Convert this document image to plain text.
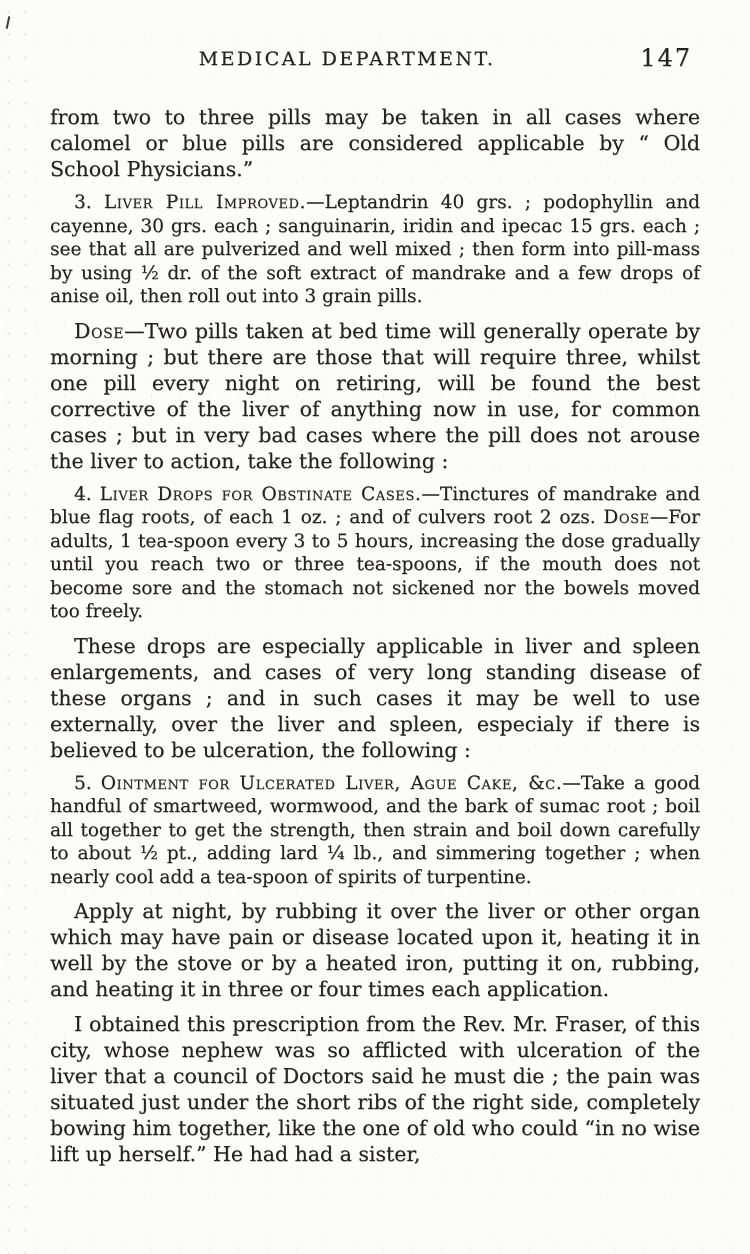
MEDICAL DEPARTMENT.	147

from two to three pills may be taken in all cases where calomel or blue pills are considered applicable by “ Old School Physicians.”

3. Liver Pill Improved.—Leptandrin 40 grs. ; podophyllin and cayenne, 30 grs. each ; sanguinarin, iridin and ipecac 15 grs. each ; see that all are pulverized and well mixed ; then form into pill-mass by using ½ dr. of the soft extract of mandrake and a few drops of anise oil, then roll out into 3 grain pills.

Dose—Two pills taken at bed time will generally operate by morning ; but there are those that will require three, whilst one pill every night on retiring, will be found the best corrective of the liver of anything now in use, for common cases ; but in very bad cases where the pill does not arouse the liver to action, take the following :

4. Liver Drops for Obstinate Cases.—Tinctures of mandrake and blue flag roots, of each 1 oz. ; and of culvers root 2 ozs. Dose—For adults, 1 tea-spoon every 3 to 5 hours, increasing the dose gradually until you reach two or three tea-spoons, if the mouth does not become sore and the stomach not sickened nor the bowels moved too freely.

These drops are especially applicable in liver and spleen enlargements, and cases of very long standing disease of these organs ; and in such cases it may be well to use externally, over the liver and spleen, especialy if there is believed to be ulceration, the following :

5. Ointment for Ulcerated Liver, Ague Cake, &c.—Take a good handful of smartweed, wormwood, and the bark of sumac root ; boil all together to get the strength, then strain and boil down carefully to about ½ pt., adding lard ¼ lb., and simmering together ; when nearly cool add a tea-spoon of spirits of turpentine.

Apply at night, by rubbing it over the liver or other organ which may have pain or disease located upon it, heating it in well by the stove or by a heated iron, putting it on, rubbing, and heating it in three or four times each application.

I obtained this prescription from the Rev. Mr. Fraser, of this city, whose nephew was so afflicted with ulceration of the liver that a council of Doctors said he must die ; the pain was situated just under the short ribs of the right side, completely bowing him together, like the one of old who could “in no wise lift up herself.” He had had a sister,
